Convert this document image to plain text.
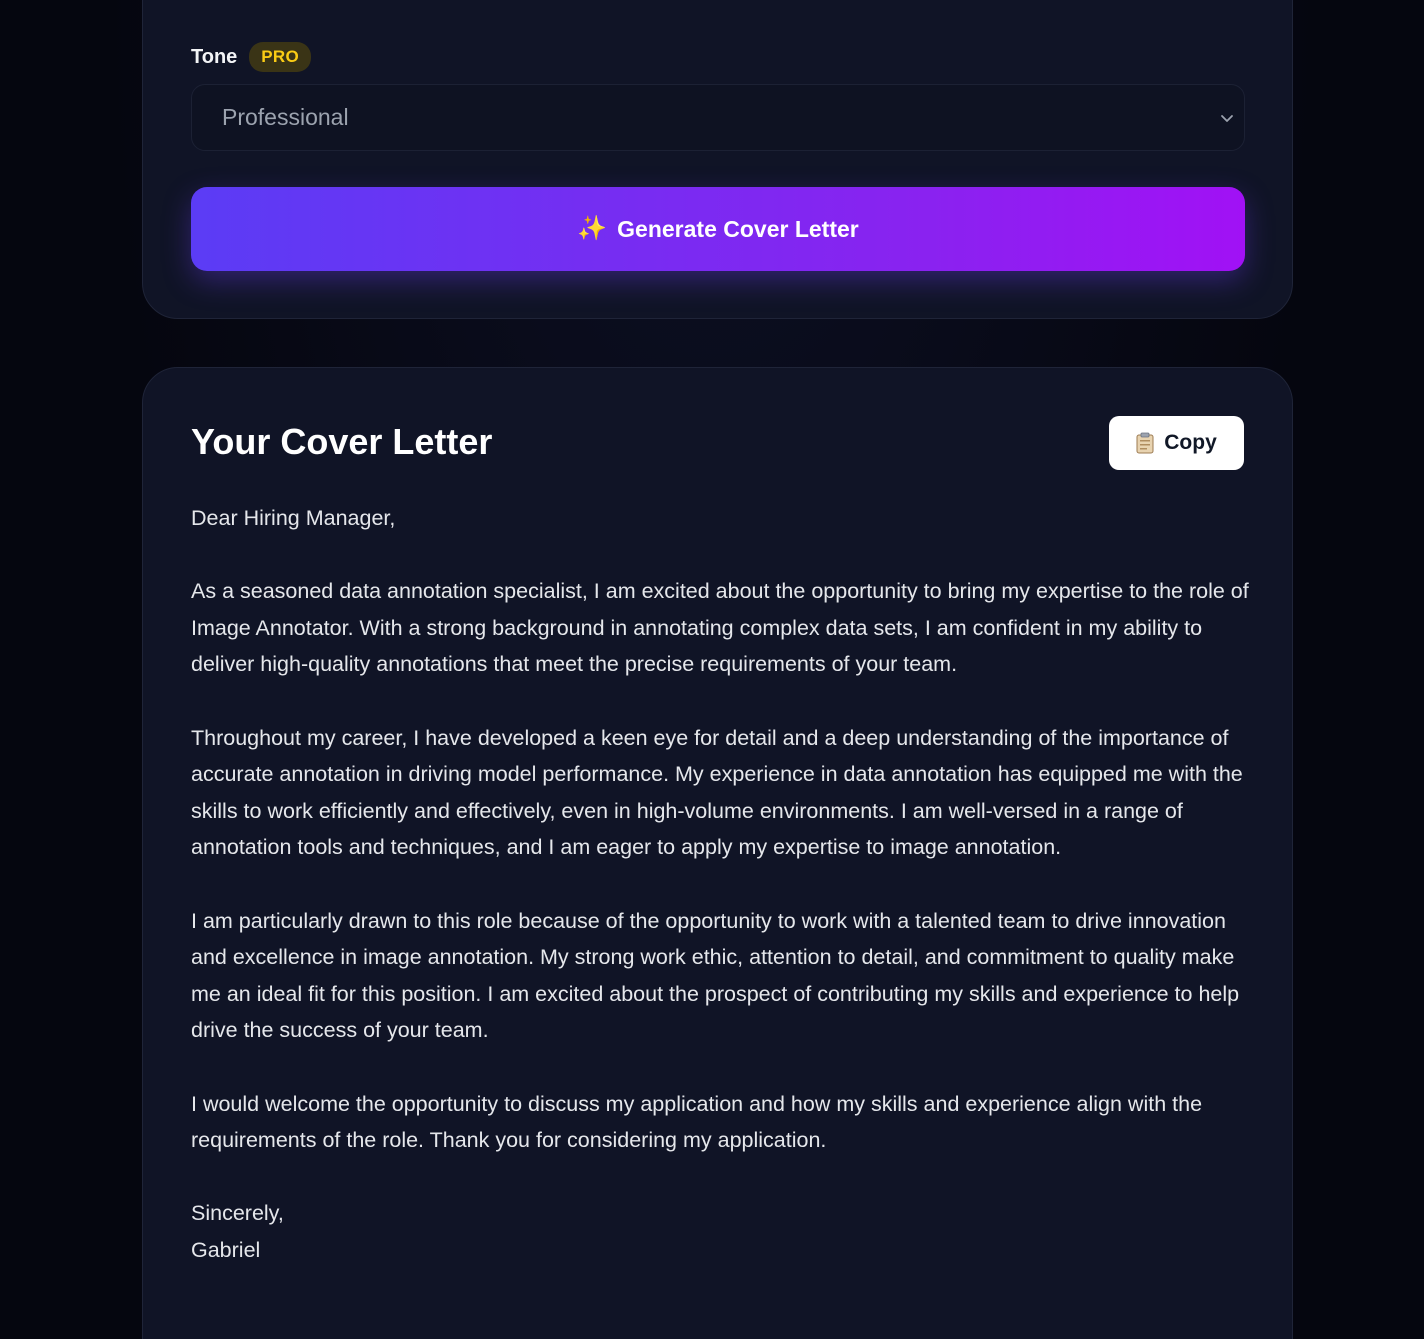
Tone	PRO
Professional
✨ Generate Cover Letter
Your Cover Letter	Copy

Dear Hiring Manager,

As a seasoned data annotation specialist, I am excited about the opportunity to bring my expertise to the role of Image Annotator. With a strong background in annotating complex data sets, I am confident in my ability to deliver high-quality annotations that meet the precise requirements of your team.

Throughout my career, I have developed a keen eye for detail and a deep understanding of the importance of accurate annotation in driving model performance. My experience in data annotation has equipped me with the skills to work efficiently and effectively, even in high-volume environments. I am well-versed in a range of annotation tools and techniques, and I am eager to apply my expertise to image annotation.

I am particularly drawn to this role because of the opportunity to work with a talented team to drive innovation and excellence in image annotation. My strong work ethic, attention to detail, and commitment to quality make me an ideal fit for this position. I am excited about the prospect of contributing my skills and experience to help drive the success of your team.

I would welcome the opportunity to discuss my application and how my skills and experience align with the requirements of the role. Thank you for considering my application.

Sincerely,

Gabriel
